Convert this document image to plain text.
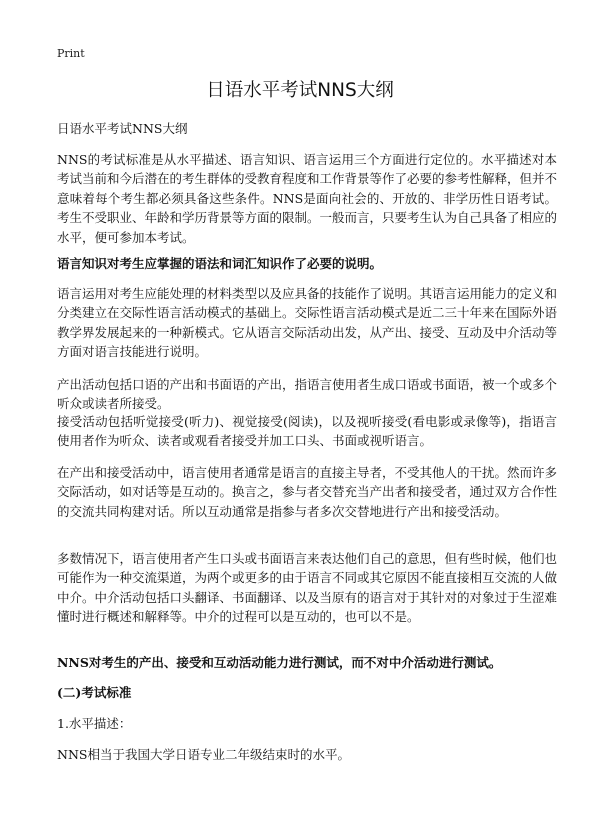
Print
日语水平考试NNS大纲

日语水平考试NNS大纲

NNS的考试标准是从水平描述、语言知识、语言运用三个方面进行定位的。水平描述对本考试当前和今后潜在的考生群体的受教育程度和工作背景等作了必要的参考性解释，但并不意味着每个考生都必须具备这些条件。NNS是面向社会的、开放的、非学历性日语考试。考生不受职业、年龄和学历背景等方面的限制。一般而言，只要考生认为自己具备了相应的水平，便可参加本考试。

语言知识对考生应掌握的语法和词汇知识作了必要的说明。

语言运用对考生应能处理的材料类型以及应具备的技能作了说明。其语言运用能力的定义和分类建立在交际性语言活动模式的基础上。交际性语言活动模式是近二三十年来在国际外语教学界发展起来的一种新模式。它从语言交际活动出发，从产出、接受、互动及中介活动等方面对语言技能进行说明。

产出活动包括口语的产出和书面语的产出，指语言使用者生成口语或书面语，被一个或多个听众或读者所接受。

接受活动包括听觉接受(听力)、视觉接受(阅读)，以及视听接受(看电影或录像等)，指语言使用者作为听众、读者或观看者接受并加工口头、书面或视听语言。

在产出和接受活动中，语言使用者通常是语言的直接主导者，不受其他人的干扰。然而许多交际活动，如对话等是互动的。换言之，参与者交替充当产出者和接受者，通过双方合作性的交流共同构建对话。所以互动通常是指参与者多次交替地进行产出和接受活动。

多数情况下，语言使用者产生口头或书面语言来表达他们自己的意思，但有些时候，他们也可能作为一种交流渠道，为两个或更多的由于语言不同或其它原因不能直接相互交流的人做中介。中介活动包括口头翻译、书面翻译、以及当原有的语言对于其针对的对象过于生涩难懂时进行概述和解释等。中介的过程可以是互动的，也可以不是。

NNS对考生的产出、接受和互动活动能力进行测试，而不对中介活动进行测试。

(二)考试标准

1.水平描述：

NNS相当于我国大学日语专业二年级结束时的水平。
